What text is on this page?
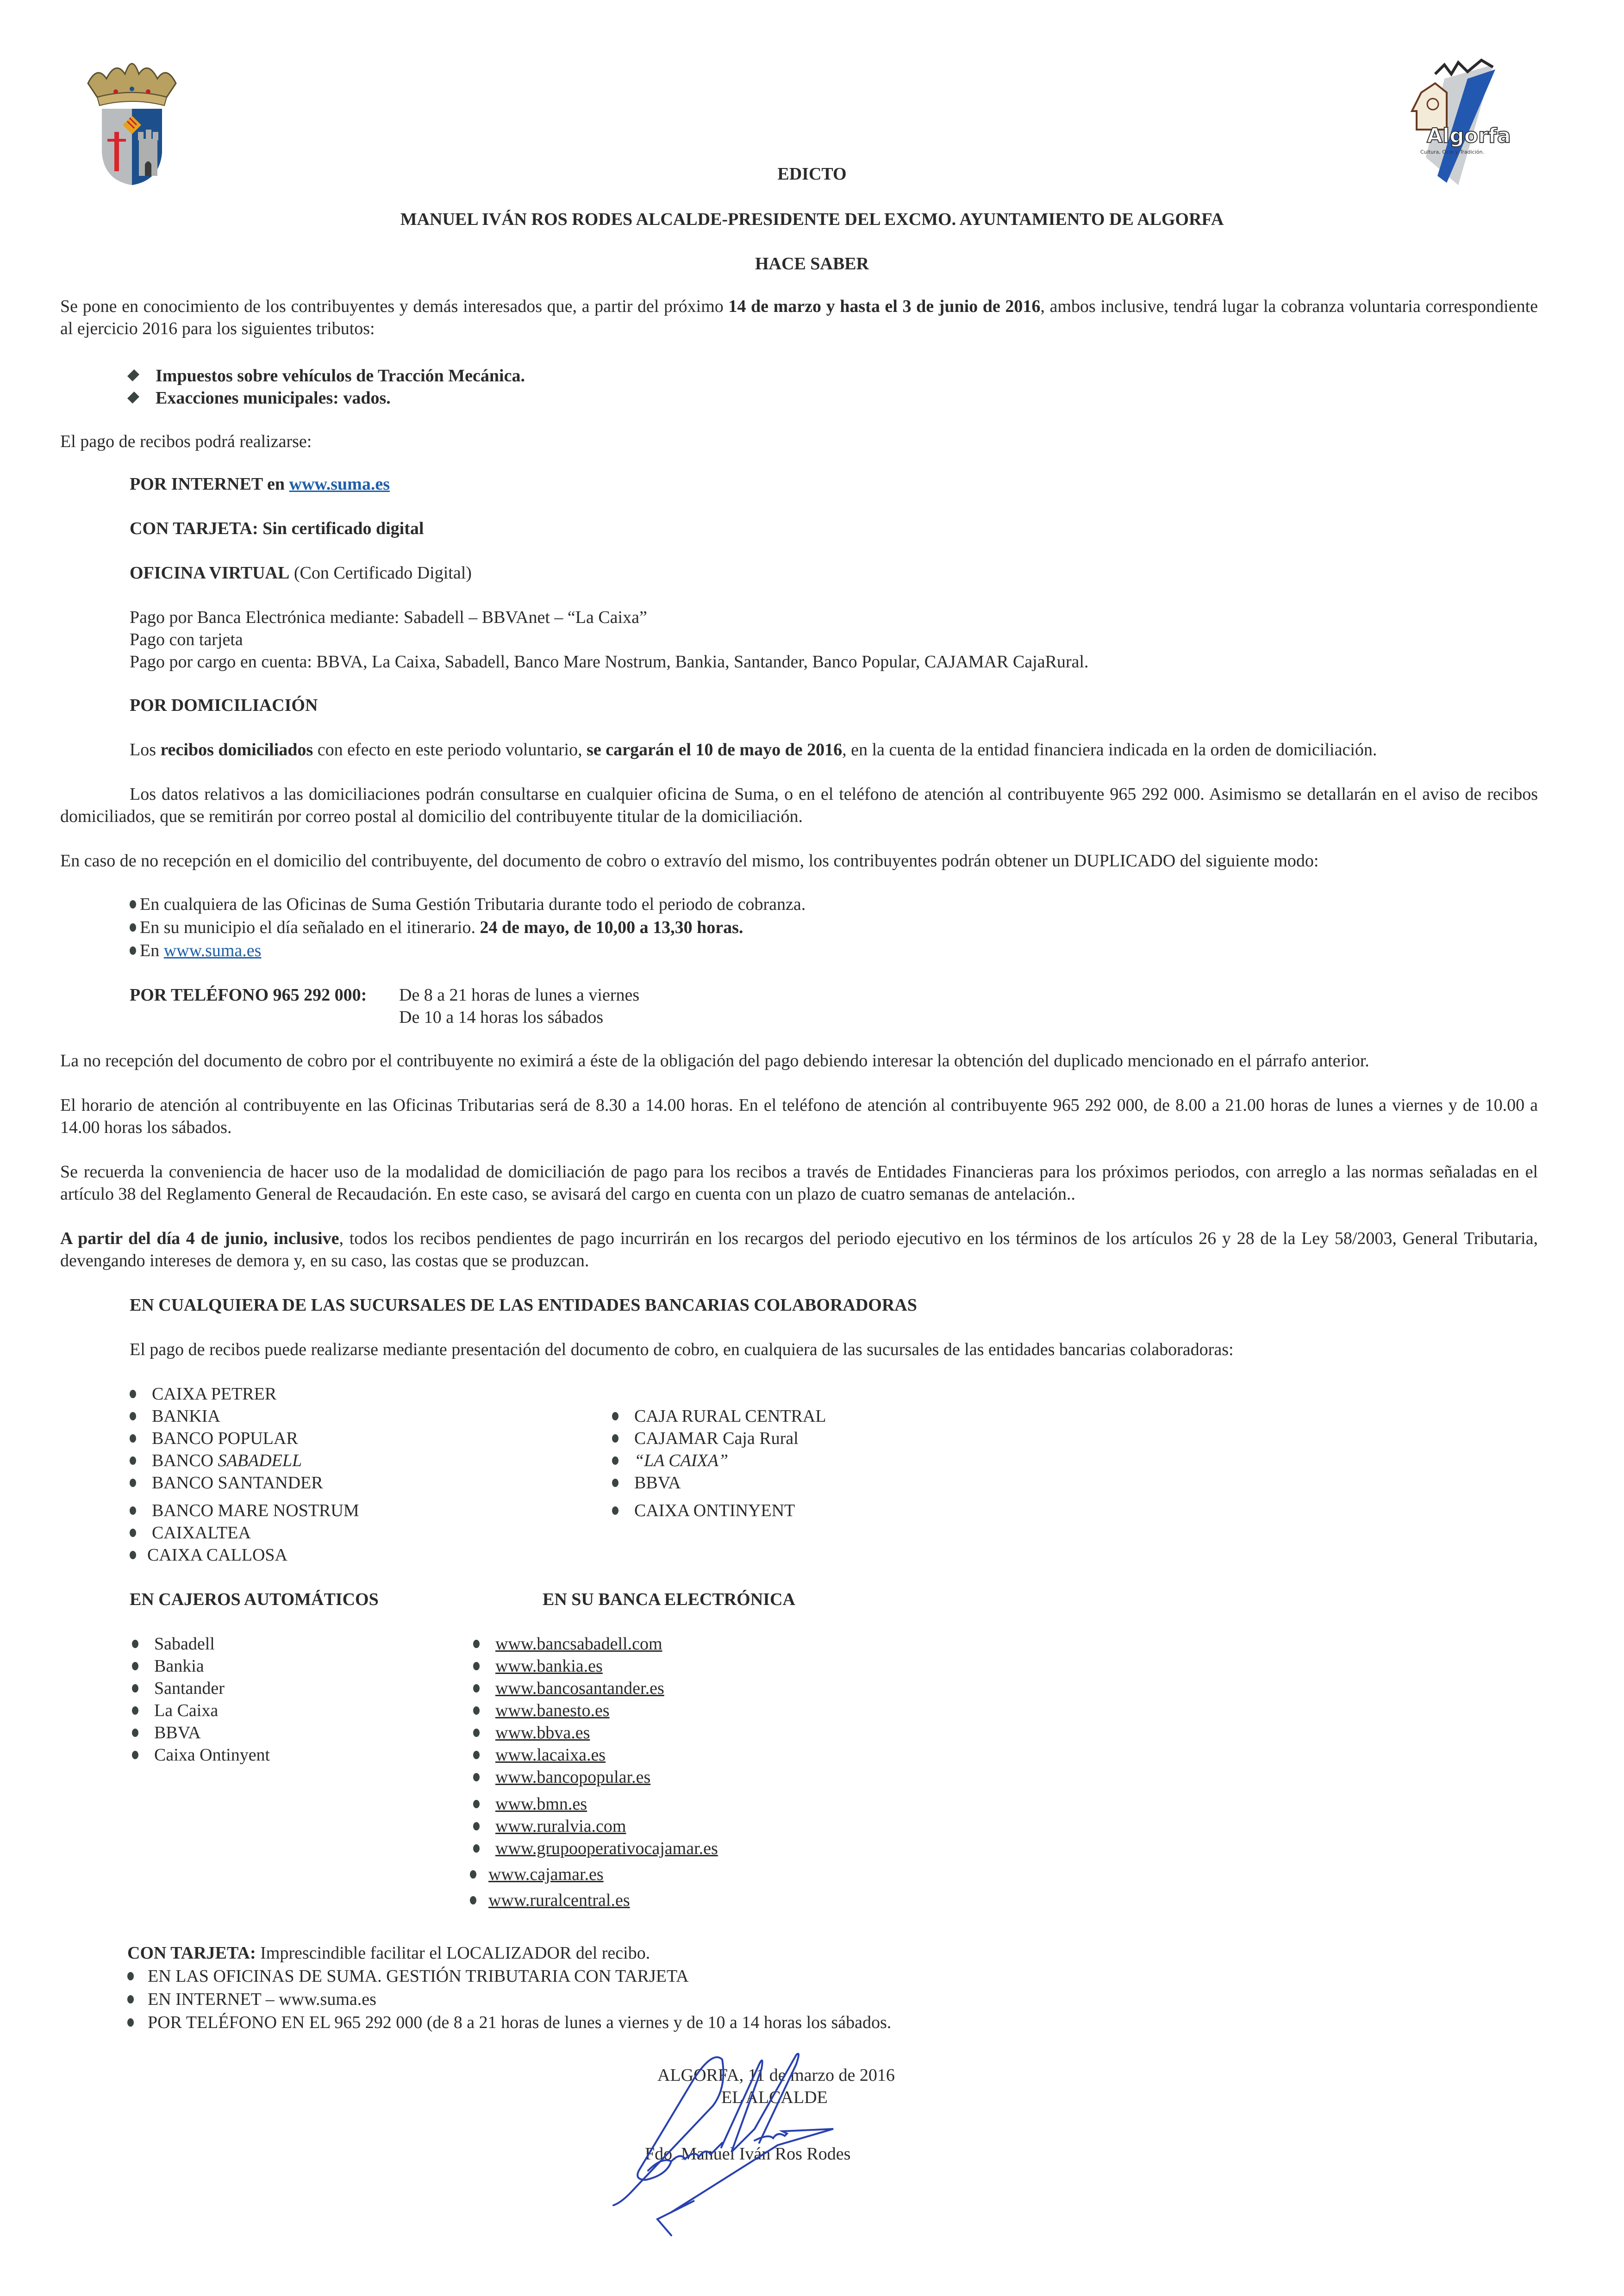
Algorfa
Cultura, Ocio y Tradición.
EDICTO
MANUEL IVÁN ROS RODES ALCALDE-PRESIDENTE DEL EXCMO. AYUNTAMIENTO DE ALGORFA
HACE SABER
Se pone en conocimiento de los contribuyentes y demás interesados que, a partir del próximo 14 de marzo y hasta el 3 de junio de 2016, ambos inclusive, tendrá lugar la cobranza voluntaria correspondiente al ejercicio 2016 para los siguientes tributos:
Impuestos sobre vehículos de Tracción Mecánica.
Exacciones municipales: vados.
El pago de recibos podrá realizarse:
POR INTERNET en www.suma.es
CON TARJETA: Sin certificado digital
OFICINA VIRTUAL (Con Certificado Digital)
Pago por Banca Electrónica mediante: Sabadell – BBVAnet – “La Caixa”
Pago con tarjeta
Pago por cargo en cuenta: BBVA, La Caixa, Sabadell, Banco Mare Nostrum, Bankia, Santander, Banco Popular, CAJAMAR CajaRural.
POR DOMICILIACIÓN
Los recibos domiciliados con efecto en este periodo voluntario, se cargarán el 10 de mayo de 2016, en la cuenta de la entidad financiera indicada en la orden de domiciliación.
Los datos relativos a las domiciliaciones podrán consultarse en cualquier oficina de Suma, o en el teléfono de atención al contribuyente 965 292 000. Asimismo se detallarán en el aviso de recibos domiciliados, que se remitirán por correo postal al domicilio del contribuyente titular de la domiciliación.
En caso de no recepción en el domicilio del contribuyente, del documento de cobro o extravío del mismo, los contribuyentes podrán obtener un DUPLICADO del siguiente modo:
En cualquiera de las Oficinas de Suma Gestión Tributaria durante todo el periodo de cobranza.
En su municipio el día señalado en el itinerario. 24 de mayo, de 10,00 a 13,30 horas.
En www.suma.es
POR TELÉFONO 965 292 000: De 8 a 21 horas de lunes a viernes
De 10 a 14 horas los sábados
La no recepción del documento de cobro por el contribuyente no eximirá a éste de la obligación del pago debiendo interesar la obtención del duplicado mencionado en el párrafo anterior.
El horario de atención al contribuyente en las Oficinas Tributarias será de 8.30 a 14.00 horas. En el teléfono de atención al contribuyente 965 292 000, de 8.00 a 21.00 horas de lunes a viernes y de 10.00 a 14.00 horas los sábados.
Se recuerda la conveniencia de hacer uso de la modalidad de domiciliación de pago para los recibos a través de Entidades Financieras para los próximos periodos, con arreglo a las normas señaladas en el artículo 38 del Reglamento General de Recaudación. En este caso, se avisará del cargo en cuenta con un plazo de cuatro semanas de antelación..
A partir del día 4 de junio, inclusive, todos los recibos pendientes de pago incurrirán en los recargos del periodo ejecutivo en los términos de los artículos 26 y 28 de la Ley 58/2003, General Tributaria, devengando intereses de demora y, en su caso, las costas que se produzcan.
EN CUALQUIERA DE LAS SUCURSALES DE LAS ENTIDADES BANCARIAS COLABORADORAS
El pago de recibos puede realizarse mediante presentación del documento de cobro, en cualquiera de las sucursales de las entidades bancarias colaboradoras:
CAIXA PETRER
BANKIA
BANCO POPULAR
BANCO SABADELL
BANCO SANTANDER
BANCO MARE NOSTRUM
CAIXALTEA
CAIXA CALLOSA
CAJA RURAL CENTRAL
CAJAMAR Caja Rural
“LA CAIXA”
BBVA
CAIXA ONTINYENT
EN CAJEROS AUTOMÁTICOS
Sabadell
Bankia
Santander
La Caixa
BBVA
Caixa Ontinyent
EN SU BANCA ELECTRÓNICA
www.bancsabadell.com
www.bankia.es
www.bancosantander.es
www.banesto.es
www.bbva.es
www.lacaixa.es
www.bancopopular.es
www.bmn.es
www.ruralvia.com
www.grupooperativocajamar.es
www.cajamar.es
www.ruralcentral.es
CON TARJETA: Imprescindible facilitar el LOCALIZADOR del recibo.
EN LAS OFICINAS DE SUMA. GESTIÓN TRIBUTARIA CON TARJETA
EN INTERNET – www.suma.es
POR TELÉFONO EN EL 965 292 000 (de 8 a 21 horas de lunes a viernes y de 10 a 14 horas los sábados.
ALGORFA, 11 de marzo de 2016
EL ALCALDE
Fdo. Manuel Iván Ros Rodes
